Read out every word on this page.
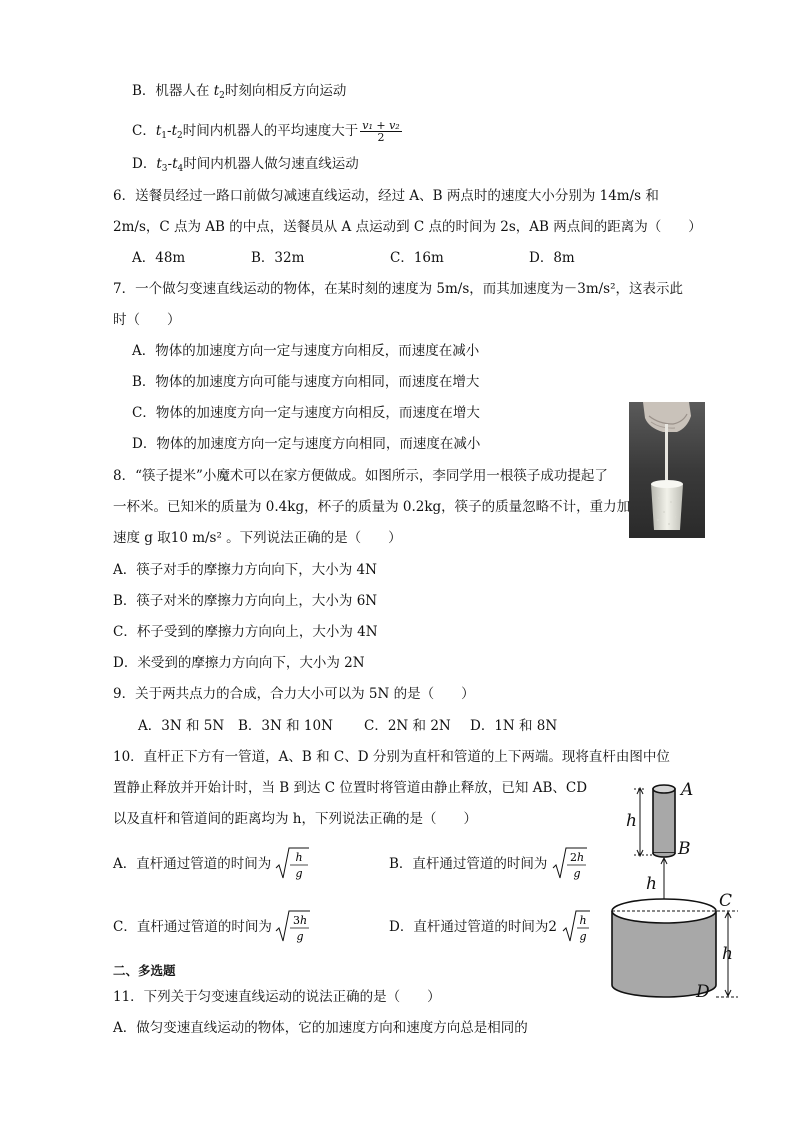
B．机器人在 $t_2$时刻向相反方向运动
C．$t_1-t_2$时间内机器人的平均速度大于 $\frac{\text{v₁ + v₂}}{2}$
D．$t_3-t_4$时间内机器人做匀速直线运动
6．送餐员经过一路口前做匀减速直线运动，经过 A、B 两点时的速度大小分别为 14m/s 和
2m/s，C 点为 AB 的中点，送餐员从 A 点运动到 C 点的时间为 2s，AB 两点间的距离为（　　）
A．48m	B．32m	C．16m	D．8m
7．一个做匀变速直线运动的物体，在某时刻的速度为 5m/s，而其加速度为－3m/s²，这表示此
时（　　）
A．物体的加速度方向一定与速度方向相反，而速度在减小
B．物体的加速度方向可能与速度方向相同，而速度在增大
C．物体的加速度方向一定与速度方向相反，而速度在增大
D．物体的加速度方向一定与速度方向相同，而速度在减小
8．“筷子提米”小魔术可以在家方便做成。如图所示，李同学用一根筷子成功提起了
一杯米。已知米的质量为 0.4kg，杯子的质量为 0.2kg，筷子的质量忽略不计，重力加
速度 g 取10 m/s² 。下列说法正确的是（　　）
A．筷子对手的摩擦力方向向下，大小为 4N
B．筷子对米的摩擦力方向向上，大小为 6N
C．杯子受到的摩擦力方向向上，大小为 4N
D．米受到的摩擦力方向向下，大小为 2N
9．关于两共点力的合成，合力大小可以为 5N 的是（　　）
A．3N 和 5N B．3N 和 10N C．2N 和 2N D．1N 和 8N
10．直杆正下方有一管道，A、B 和 C、D 分别为直杆和管道的上下两端。现将直杆由图中位
置静止释放并开始计时，当 B 到达 C 位置时将管道由静止释放，已知 AB、CD
以及直杆和管道间的距离均为 h，下列说法正确的是（　　）
A．直杆通过管道的时间为 h
g
B．直杆通过管道的时间为 2h
g
C．直杆通过管道的时间为 3h
g
D．直杆通过管道的时间为2 h
g
h
A
B
h
h
C
D
二、多选题
11．下列关于匀变速直线运动的说法正确的是（　　）
A．做匀变速直线运动的物体，它的加速度方向和速度方向总是相同的
